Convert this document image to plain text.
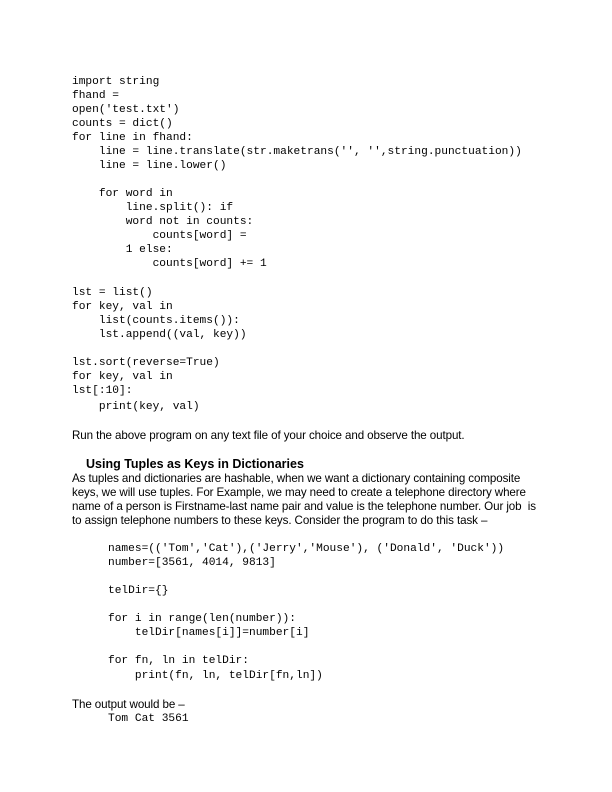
import string
fhand =
open('test.txt')
counts = dict()
for line in fhand:
line = line.translate(str.maketrans('', '',string.punctuation))
line = line.lower()
for word in
line.split(): if
word not in counts:
counts[word] =
1 else:
counts[word] += 1
lst = list()
for key, val in
list(counts.items()):
lst.append((val, key))
lst.sort(reverse=True)
for key, val in
lst[:10]:
print(key, val)
Run the above program on any text file of your choice and observe the output.
Using Tuples as Keys in Dictionaries
As tuples and dictionaries are hashable, when we want a dictionary containing composite
keys, we will use tuples. For Example, we may need to create a telephone directory where
name of a person is Firstname-last name pair and value is the telephone number. Our job  is
to assign telephone numbers to these keys. Consider the program to do this task –
names=(('Tom','Cat'),('Jerry','Mouse'), ('Donald', 'Duck'))
number=[3561, 4014, 9813]
telDir={}
for i in range(len(number)):
telDir[names[i]]=number[i]
for fn, ln in telDir:
print(fn, ln, telDir[fn,ln])
The output would be –
Tom Cat 3561
